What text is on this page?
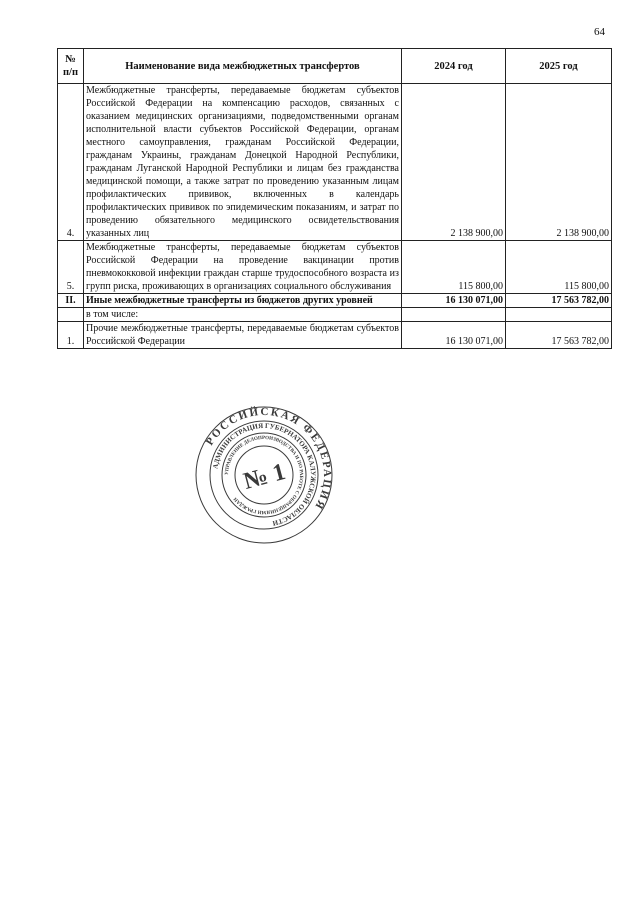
64
№ п/п	Наименование вида межбюджетных трансфертов	2024 год	2025 год
4.	Межбюджетные трансферты, передаваемые бюджетам субъектов Российской Федерации на компенсацию расходов, связанных с оказанием медицинских организациями, подведомственными органам исполнительной власти субъектов Российской Федерации, органам местного самоуправления, гражданам Российской Федерации, гражданам Украины, гражданам Донецкой Народной Республики, гражданам Луганской Народной Республики и лицам без гражданства медицинской помощи, а также затрат по проведению указанным лицам профилактических прививок, включенных в календарь профилактических прививок по эпидемическим показаниям, и затрат по проведению обязательного медицинского освидетельствования указанных лиц	2 138 900,00	2 138 900,00
5.	Межбюджетные трансферты, передаваемые бюджетам субъектов Российской Федерации на проведение вакцинации против пневмококковой инфекции граждан старше трудоспособного возраста из групп риска, проживающих в организациях социального обслуживания	115 800,00	115 800,00
II.	Иные межбюджетные трансферты из бюджетов других уровней	16 130 071,00	17 563 782,00
	в том числе:		
1.	Прочие межбюджетные трансферты, передаваемые бюджетам субъектов Российской Федерации	16 130 071,00	17 563 782,00
РОССИЙСКАЯ ФЕДЕРАЦИЯ
АДМИНИСТРАЦИЯ ГУБЕРНАТОРА КАЛУЖСКОЙ ОБЛАСТИ
УПРАВЛЕНИЕ ДЕЛОПРОИЗВОДСТВА И ПО РАБОТЕ С ОБРАЩЕНИЯМИ ГРАЖДАН
№ 1
